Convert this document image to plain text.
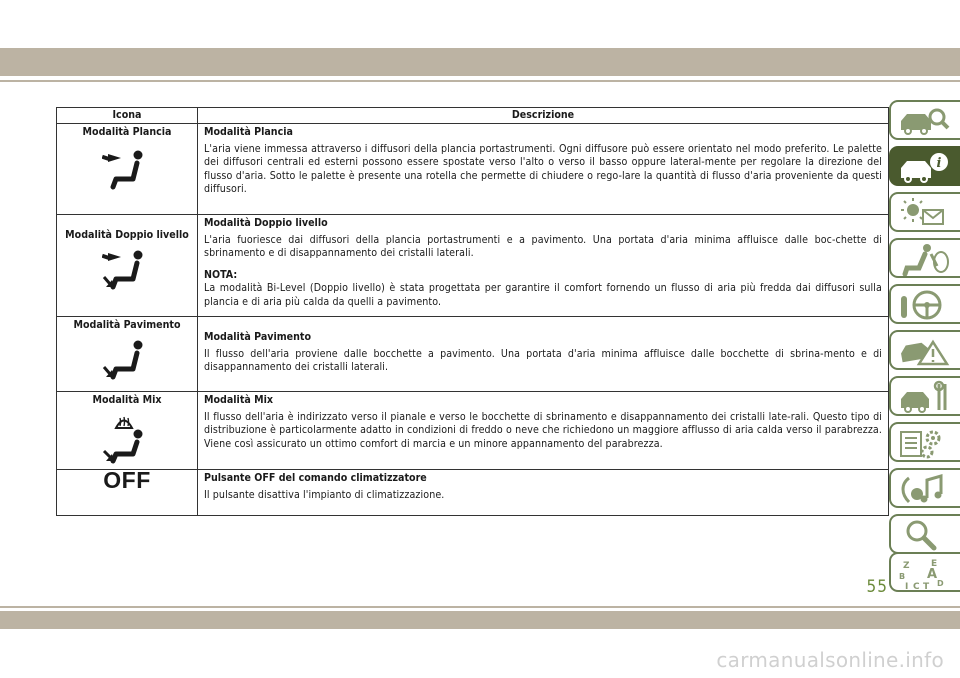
Icona	Descrizione

Modalità Plancia	Modalità Plancia
L'aria viene immessa attraverso i diffusori della plancia portastrumenti. Ogni diffusore può essere orientato nel modo preferito. Le palette dei diffusori centrali ed esterni possono essere spostate verso l'alto o verso il basso oppure lateral-mente per regolare la direzione del flusso d'aria. Sotto le palette è presente una rotella che permette di chiudere o rego-lare la quantità di flusso d'aria proveniente da questi diffusori.

Modalità Doppio livello	Modalità Doppio livello
L'aria fuoriesce dai diffusori della plancia portastrumenti e a pavimento. Una portata d'aria minima affluisce dalle boc-chette di sbrinamento e di disappannamento dei cristalli laterali.
NOTA:
La modalità Bi-Level (Doppio livello) è stata progettata per garantire il comfort fornendo un flusso di aria più fredda dai diffusori sulla plancia e di aria più calda da quelli a pavimento.

Modalità Pavimento	Modalità Pavimento
Il flusso dell'aria proviene dalle bocchette a pavimento. Una portata d'aria minima affluisce dalle bocchette di sbrina-mento e di disappannamento dei cristalli laterali.

Modalità Mix	Modalità Mix
Il flusso dell'aria è indirizzato verso il pianale e verso le bocchette di sbrinamento e disappannamento dei cristalli late-rali. Questo tipo di distribuzione è particolarmente adatto in condizioni di freddo o neve che richiedono un maggiore afflusso di aria calda verso il parabrezza. Viene così assicurato un ottimo comfort di marcia e un minore appannamento del parabrezza.

OFF	Pulsante OFF del comando climatizzatore
Il pulsante disattiva l'impianto di climatizzazione.
i
Z E
B A
I C T D
55
carmanualsonline.info
